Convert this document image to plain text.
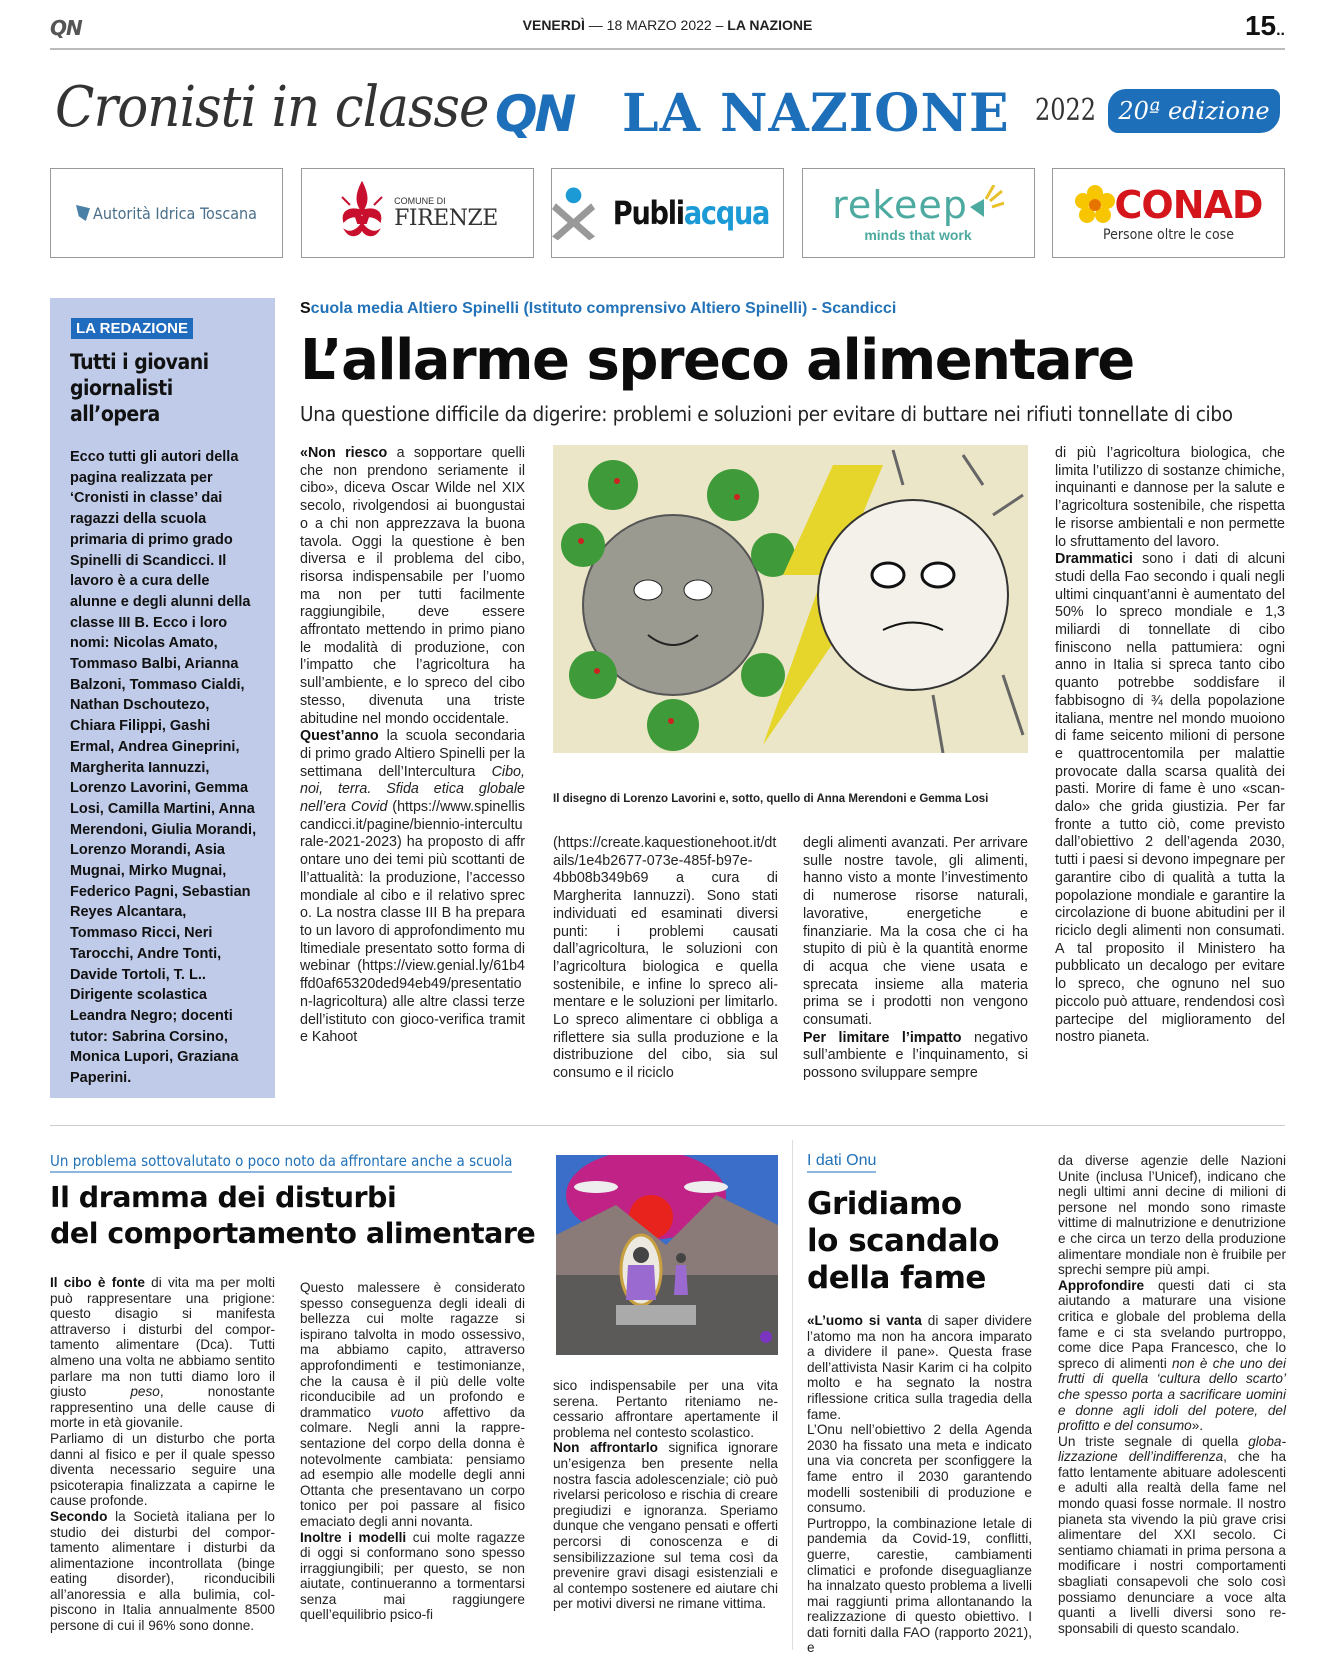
QN	VENERDÌ — 18 MARZO 2022 – LA NAZIONE	15..
Cronisti in classe QN LA NAZIONE 2022 20ª edizione
Autorità Idrica Toscana
COMUNE DI
FIRENZE	Publiacqua rekeep
minds that work
CONAD
Persone oltre le cose
LA REDAZIONE
Tutti i giovani giornalisti all’opera

Ecco tutti gli autori della pagina realizzata per ‘Cronisti in classe’ dai ragazzi della scuola primaria di primo grado Spinelli di Scandicci. Il lavoro è a cura delle alunne e degli alunni della classe III B. Ecco i loro nomi: Nicolas Amato, Tommaso Balbi, Arianna Balzoni, Tommaso Cialdi, Nathan Dschoutezo, Chiara Filippi, Gashi Ermal, Andrea Gineprini, Margherita Iannuzzi, Lorenzo Lavorini, Gemma Losi, Camilla Martini, Anna Merendoni, Giulia Morandi, Lorenzo Morandi, Asia Mugnai, Mirko Mugnai, Federico Pagni, Sebastian Reyes Alcantara, Tommaso Ricci, Neri Tarocchi, Andre Tonti, Davide Tortoli, T. L.. Dirigente scolastica Leandra Negro; docenti tutor: Sabrina Corsino, Monica Lupori, Graziana Paperini.

Scuola media Altiero Spinelli (Istituto comprensivo Altiero Spinelli) - Scandicci
L’allarme spreco alimentare
Una questione difficile da digerire: problemi e soluzioni per evitare di buttare nei rifiuti tonnellate di cibo

«Non riesco a sopportare quelli che non prendono seriamente il cibo», diceva Oscar Wilde nel XIX secolo, rivolgendosi ai buongustai o a chi non apprezzava la buona tavola. Oggi la questione è ben diversa e il problema del cibo, risorsa indispensabile per l’uomo ma non per tutti facilmente raggiungibile, deve essere affrontato mettendo in primo piano le modalità di produzione, con l’impatto che l’agricoltura ha sull’ambiente, e lo spreco del cibo stesso, divenuta una triste abitudine nel mondo occidentale.

Quest’anno la scuola secondaria di primo grado Altiero Spinelli per la settimana dell’Intercultura Cibo, noi, terra. Sfida etica globale nell’era Covid (https://www.spinelliscandicci.it/pagine/biennio-interculturale-2021-2023) ha proposto di affrontare uno dei temi più scottanti dell’attualità: la produzione, l’accesso mondiale al cibo e il relativo spreco. La nostra classe III B ha preparato un lavoro di approfondimento multimediale presentato sotto forma di webinar (https://view.genial.ly/61b4ffd0af65320ded94eb49/presentation-lagricoltura) alle altre classi terze dell’istituto con gioco-verifica tramite Kahoot

Il disegno di Lorenzo Lavorini e, sotto, quello di Anna Merendoni e Gemma Losi

(https://create.kaquestionehoot.it/dtails/1e4b2677-073e-485f-b97e-4bb08b349b69 a cura di Margherita Iannuzzi). Sono stati individuati ed esaminati diversi punti: i problemi causati dall’agricoltura, le soluzioni con l’agricoltura biologica e quella sostenibile, e infine lo spreco alimentare e le soluzioni per limitarlo. Lo spreco alimentare ci obbliga a riflettere sia sulla produzione e la distribuzione del cibo, sia sul consumo e il riciclo

degli alimenti avanzati. Per arrivare sulle nostre tavole, gli alimenti, hanno visto a monte l’investimento di numerose risorse naturali, lavorative, energetiche e finanziarie. Ma la cosa che ci ha stupito di più è la quantità enorme di acqua che viene usata e sprecata insieme alla materia prima se i prodotti non vengono consumati.

Per limitare l’impatto negativo sull’ambiente e l’inquinamento, si possono sviluppare sempre

di più l’agricoltura biologica, che limita l’utilizzo di sostanze chimiche, inquinanti e dannose per la salute e l’agricoltura sostenibile, che rispetta le risorse ambientali e non permette lo sfruttamento del lavoro.

Drammatici sono i dati di alcuni studi della Fao secondo i quali negli ultimi cinquant’anni è aumentato del 50% lo spreco mondiale e 1,3 miliardi di tonnellate di cibo finiscono nella pattumiera: ogni anno in Italia si spreca tanto cibo quanto potrebbe soddisfare il fabbisogno di ¾ della popolazione italiana, mentre nel mondo muoiono di fame seicento milioni di persone e quattrocentomila per malattie provocate dalla scarsa qualità dei pasti. Morire di fame è uno «scandalo» che grida giustizia. Per far fronte a tutto ciò, come previsto dall’obiettivo 2 dell’agenda 2030, tutti i paesi si devono impegnare per garantire cibo di qualità a tutta la popolazione mondiale e garantire la circolazione di buone abitudini per il riciclo degli alimenti non consumati. A tal proposito il Ministero ha pubblicato un decalogo per evitare lo spreco, che ognuno nel suo piccolo può attuare, rendendosi così partecipe del miglioramento del nostro pianeta.

Un problema sottovalutato o poco noto da affrontare anche a scuola
Il dramma dei disturbi
del comportamento alimentare

Il cibo è fonte di vita ma per molti può rappresentare una prigione: questo disagio si manifesta attraverso i disturbi del comportamento alimentare (Dca). Tutti almeno una volta ne abbiamo sentito parlare ma non tutti diamo loro il giusto peso, nonostante rappresentino una delle cause di morte in età giovanile.

Parliamo di un disturbo che porta danni al fisico e per il quale spesso diventa necessario seguire una psicoterapia finalizzata a capirne le cause profonde.

Secondo la Società italiana per lo studio dei disturbi del comportamento alimentare i disturbi da alimentazione incontrollata (binge eating disorder), riconducibili all’anoressia e alla bulimia, colpiscono in Italia annualmente 8500 persone di cui il 96% sono donne.

Questo malessere è considerato spesso conseguenza degli ideali di bellezza cui molte ragazze si ispirano talvolta in modo ossessivo, ma abbiamo capito, attraverso approfondimenti e testimonianze, che la causa è il più delle volte riconducibile ad un profondo e drammatico vuoto affettivo da colmare. Negli anni la rappresentazione del corpo della donna è notevolmente cambiata: pensiamo ad esempio alle modelle degli anni Ottanta che presentavano un corpo tonico per poi passare al fisico emaciato degli anni novanta.

Inoltre i modelli cui molte ragazze di oggi si conformano sono spesso irraggiungibili; per questo, se non aiutate, continueranno a tormentarsi senza mai raggiungere quell’equilibrio psico-fi

sico indispensabile per una vita serena. Pertanto riteniamo necessario affrontare apertamente il problema nel contesto scolastico.

Non affrontarlo significa ignorare un’esigenza ben presente nella nostra fascia adolescenziale; ciò può rivelarsi pericoloso e rischia di creare pregiudizi e ignoranza. Speriamo dunque che vengano pensati e offerti percorsi di conoscenza e di sensibilizzazione sul tema così da prevenire gravi disagi esistenziali e al contempo sostenere ed aiutare chi per motivi diversi ne rimane vittima.

I dati Onu
Gridiamo
lo scandalo
della fame

«L’uomo si vanta di saper dividere l’atomo ma non ha ancora imparato a dividere il pane». Questa frase dell’attivista Nasir Karim ci ha colpito molto e ha segnato la nostra riflessione critica sulla tragedia della fame.

L’Onu nell’obiettivo 2 della Agenda 2030 ha fissato una meta e indicato una via concreta per sconfiggere la fame entro il 2030 garantendo modelli sostenibili di produzione e consumo.

Purtroppo, la combinazione letale di pandemia da Covid-19, conflitti, guerre, carestie, cambiamenti climatici e profonde diseguaglianze ha innalzato questo problema a livelli mai raggiunti prima allontanando la realizzazione di questo obiettivo. I dati forniti dalla FAO (rapporto 2021), e

da diverse agenzie delle Nazioni Unite (inclusa l’Unicef), indicano che negli ultimi anni decine di milioni di persone nel mondo sono rimaste vittime di malnutrizione e denutrizione e che circa un terzo della produzione alimentare mondiale non è fruibile per sprechi sempre più ampi.

Approfondire questi dati ci sta aiutando a maturare una visione critica e globale del problema della fame e ci sta svelando purtroppo, come dice Papa Francesco, che lo spreco di alimenti non è che uno dei frutti di quella ‘cultura dello scarto’ che spesso porta a sacrificare uomini e donne agli idoli del potere, del profitto e del consumo».

Un triste segnale di quella globalizzazione dell’indifferenza, che ha fatto lentamente abituare adolescenti e adulti alla realtà della fame nel mondo quasi fosse normale. Il nostro pianeta sta vivendo la più grave crisi alimentare del XXI secolo. Ci sentiamo chiamati in prima persona a modificare i nostri comportamenti sbagliati consapevoli che solo così possiamo denunciare a voce alta quanti a livelli diversi sono responsabili di questo scandalo.
